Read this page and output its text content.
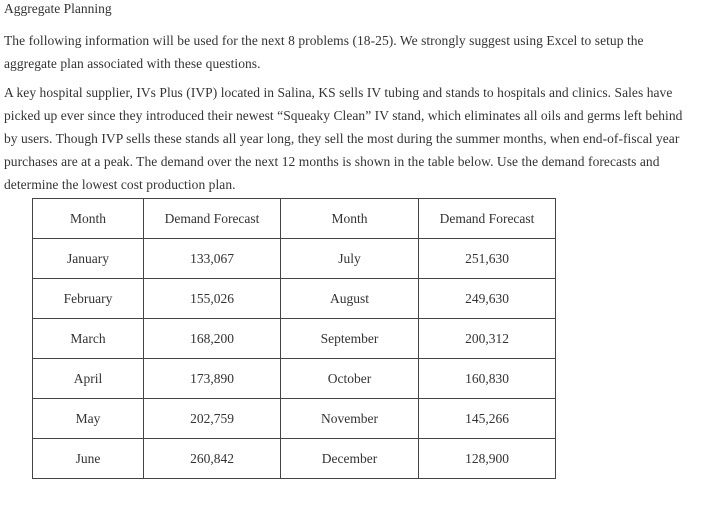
Aggregate Planning

The following information will be used for the next 8 problems (18-25). We strongly suggest using Excel to setup the aggregate plan associated with these questions.

A key hospital supplier, IVs Plus (IVP) located in Salina, KS sells IV tubing and stands to hospitals and clinics. Sales have picked up ever since they introduced their newest “Squeaky Clean” IV stand, which eliminates all oils and germs left behind by users. Though IVP sells these stands all year long, they sell the most during the summer months, when end-of-fiscal year purchases are at a peak. The demand over the next 12 months is shown in the table below. Use the demand forecasts and determine the lowest cost production plan.

Month	Demand Forecast	Month	Demand Forecast
January	133,067	July	251,630
February	155,026	August	249,630
March	168,200	September	200,312
April	173,890	October	160,830
May	202,759	November	145,266
June	260,842	December	128,900
